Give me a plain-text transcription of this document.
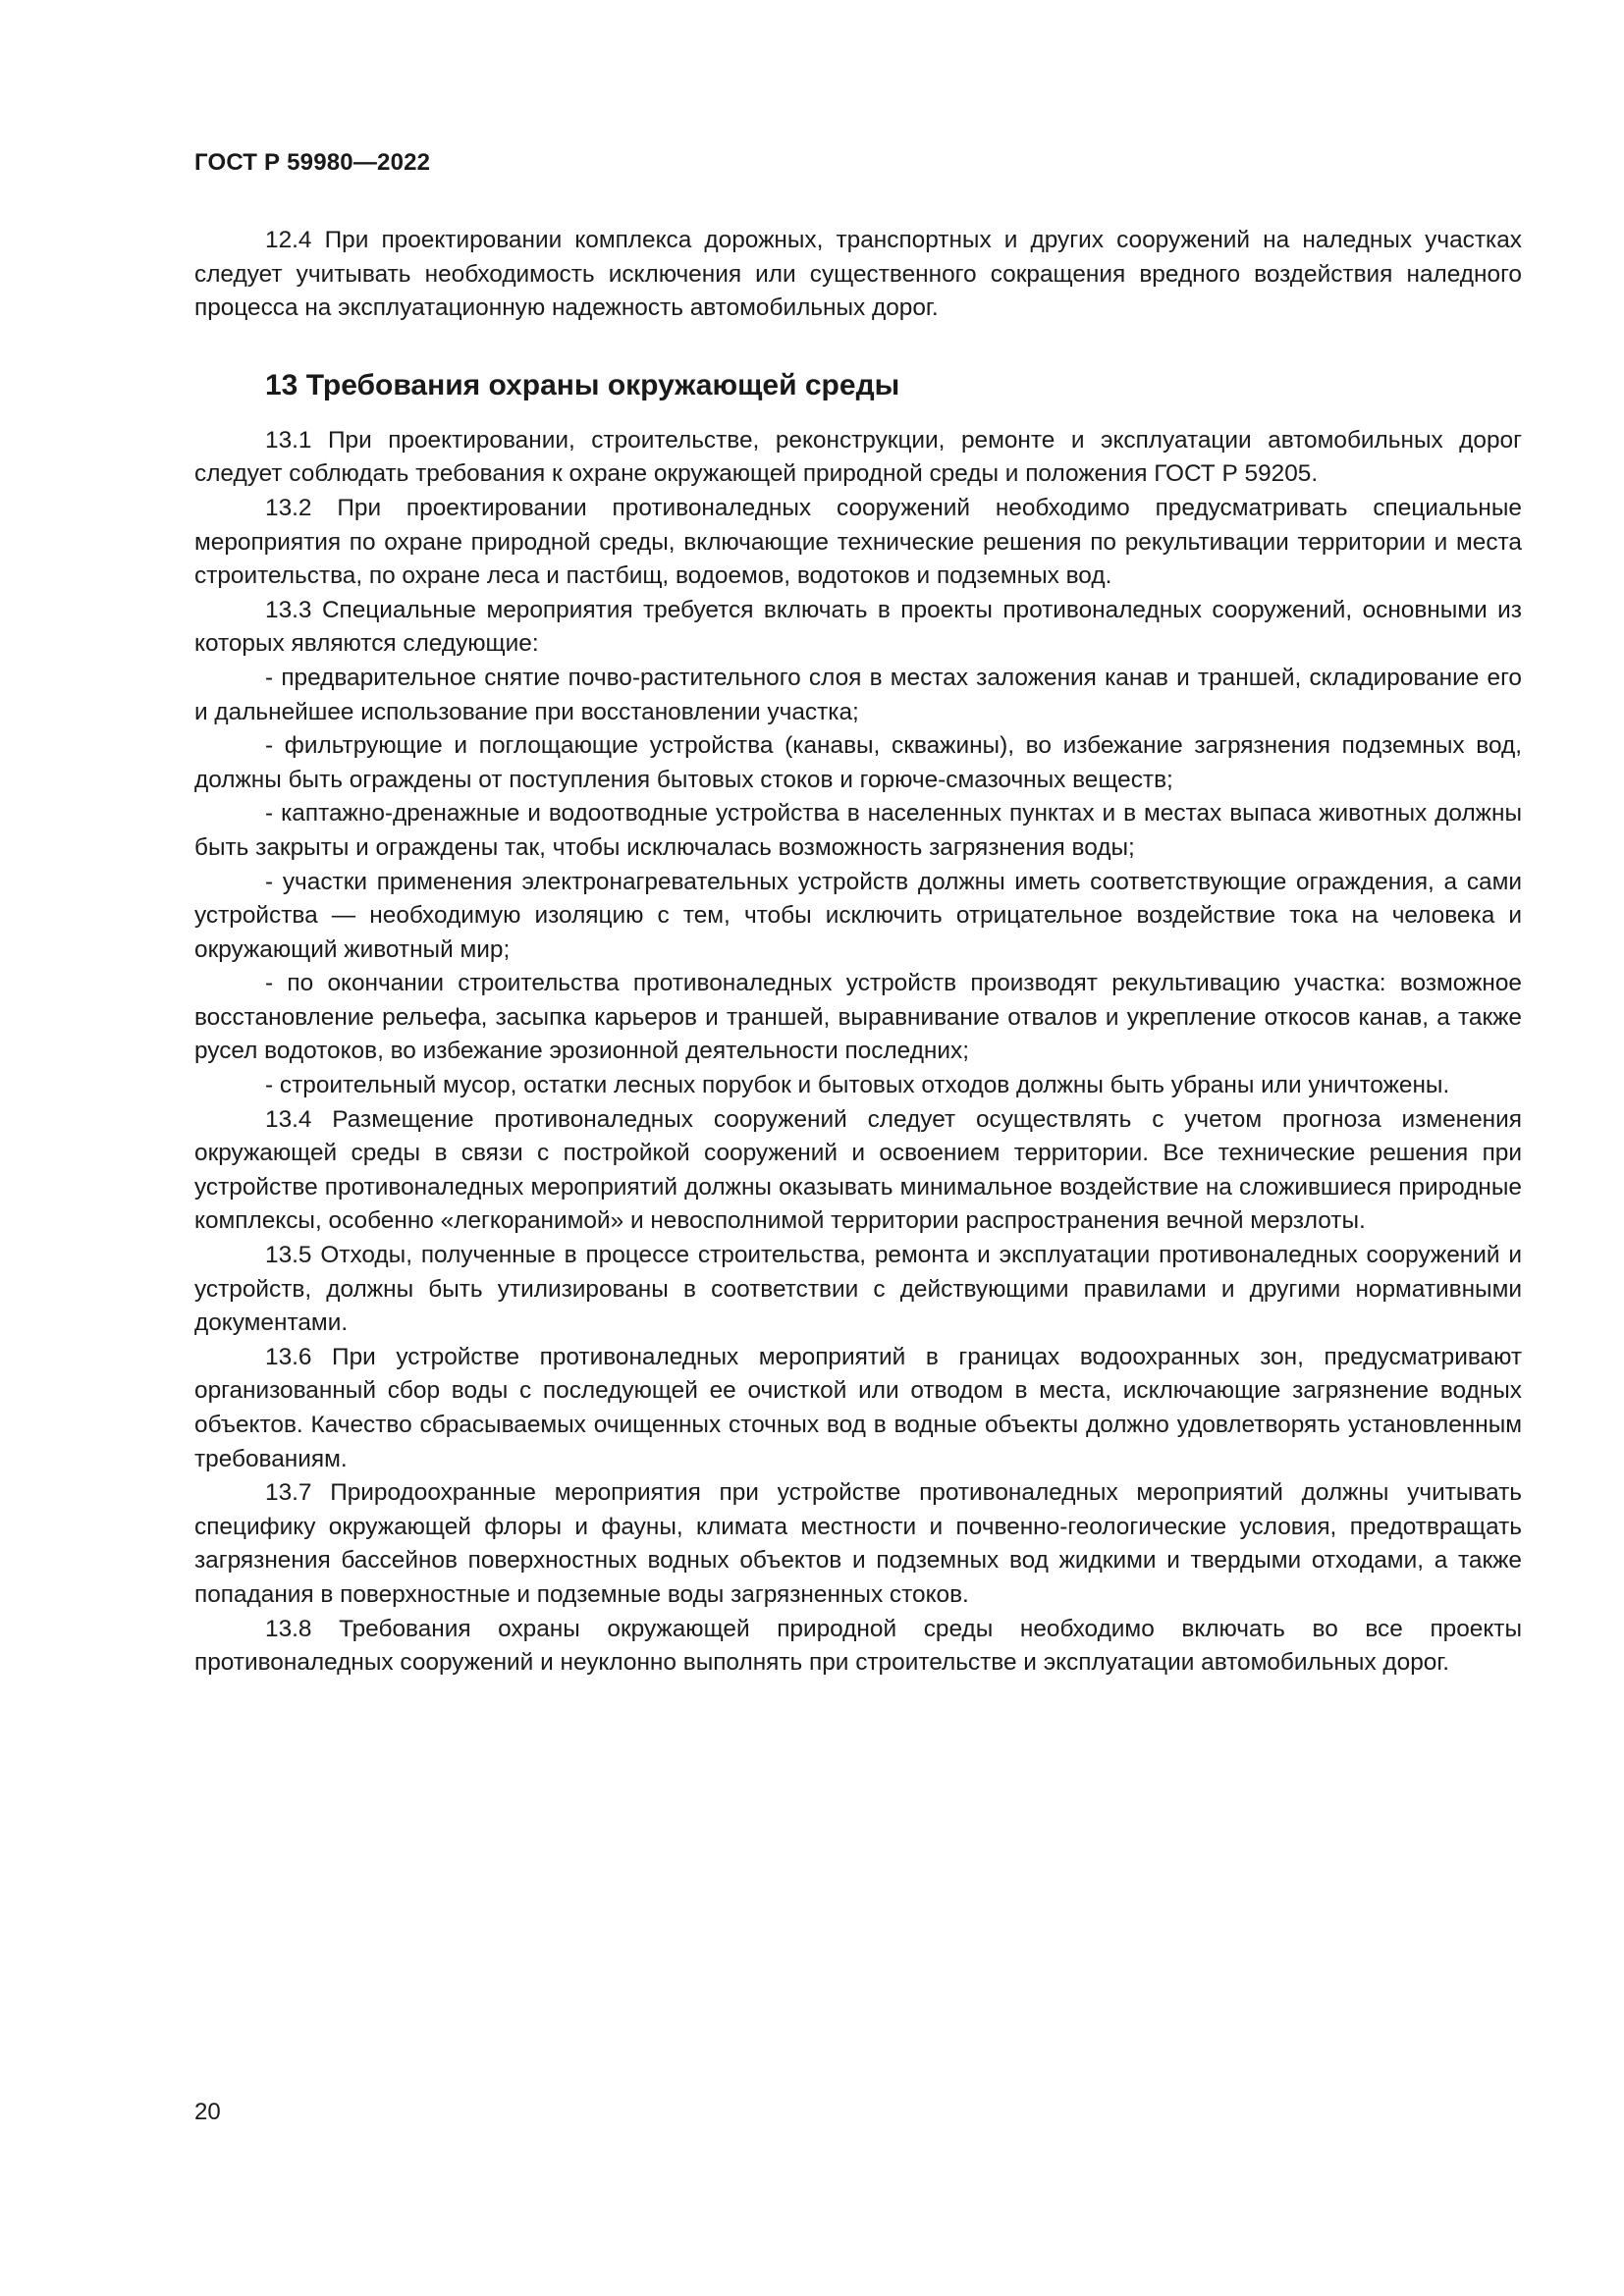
ГОСТ Р 59980—2022

12.4 При проектировании комплекса дорожных, транспортных и других сооружений на наледных участках следует учитывать необходимость исключения или существенного сокращения вредного воздействия наледного процесса на эксплуатационную надежность автомобильных дорог.

13 Требования охраны окружающей среды

13.1 При проектировании, строительстве, реконструкции, ремонте и эксплуатации автомобильных дорог следует соблюдать требования к охране окружающей природной среды и положения ГОСТ Р 59205.

13.2 При проектировании противоналедных сооружений необходимо предусматривать специальные мероприятия по охране природной среды, включающие технические решения по рекультивации территории и места строительства, по охране леса и пастбищ, водоемов, водотоков и подземных вод.

13.3 Специальные мероприятия требуется включать в проекты противоналедных сооружений, основными из которых являются следующие:

- предварительное снятие почво-растительного слоя в местах заложения канав и траншей, складирование его и дальнейшее использование при восстановлении участка;

- фильтрующие и поглощающие устройства (канавы, скважины), во избежание загрязнения подземных вод, должны быть ограждены от поступления бытовых стоков и горюче-смазочных веществ;

- каптажно-дренажные и водоотводные устройства в населенных пунктах и в местах выпаса животных должны быть закрыты и ограждены так, чтобы исключалась возможность загрязнения воды;

- участки применения электронагревательных устройств должны иметь соответствующие ограждения, а сами устройства — необходимую изоляцию с тем, чтобы исключить отрицательное воздействие тока на человека и окружающий животный мир;

- по окончании строительства противоналедных устройств производят рекультивацию участка: возможное восстановление рельефа, засыпка карьеров и траншей, выравнивание отвалов и укрепление откосов канав, а также русел водотоков, во избежание эрозионной деятельности последних;

- строительный мусор, остатки лесных порубок и бытовых отходов должны быть убраны или уничтожены.

13.4 Размещение противоналедных сооружений следует осуществлять с учетом прогноза изменения окружающей среды в связи с постройкой сооружений и освоением территории. Все технические решения при устройстве противоналедных мероприятий должны оказывать минимальное воздействие на сложившиеся природные комплексы, особенно «легкоранимой» и невосполнимой территории распространения вечной мерзлоты.

13.5 Отходы, полученные в процессе строительства, ремонта и эксплуатации противоналедных сооружений и устройств, должны быть утилизированы в соответствии с действующими правилами и другими нормативными документами.

13.6 При устройстве противоналедных мероприятий в границах водоохранных зон, предусматривают организованный сбор воды с последующей ее очисткой или отводом в места, исключающие загрязнение водных объектов. Качество сбрасываемых очищенных сточных вод в водные объекты должно удовлетворять установленным требованиям.

13.7 Природоохранные мероприятия при устройстве противоналедных мероприятий должны учитывать специфику окружающей флоры и фауны, климата местности и почвенно-геологические условия, предотвращать загрязнения бассейнов поверхностных водных объектов и подземных вод жидкими и твердыми отходами, а также попадания в поверхностные и подземные воды загрязненных стоков.

13.8 Требования охраны окружающей природной среды необходимо включать во все проекты противоналедных сооружений и неуклонно выполнять при строительстве и эксплуатации автомобильных дорог.

20
